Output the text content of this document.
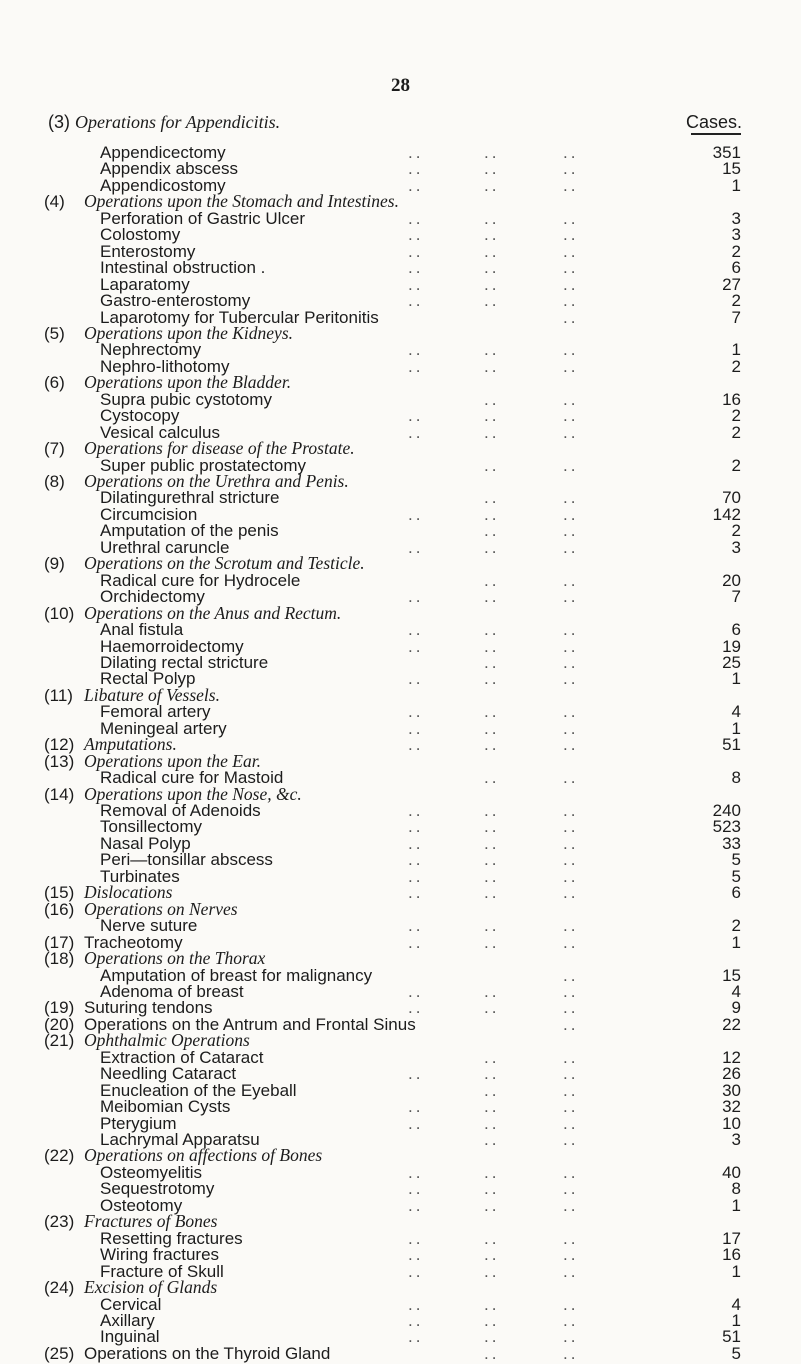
28
(3) Operations for Appendicitis.	Cases.
Appendicectomy	..	..	..	351
Appendix abscess	..	..	..	15
Appendicostomy	..	..	..	1
(4) Operations upon the Stomach and Intestines.
Perforation of Gastric Ulcer	..	..	..	3
Colostomy	..	..	..	3
Enterostomy	..	..	..	2
Intestinal obstruction .	..	..	..	6
Laparatomy	..	..	..	27
Gastro-enterostomy	..	..	..	2
Laparotomy for Tubercular Peritonitis	..	7
(5) Operations upon the Kidneys.
Nephrectomy	..	..	..	1
Nephro-lithotomy	..	..	..	2
(6) Operations upon the Bladder.
Supra pubic cystotomy	..	..	16
Cystocopy	..	..	..	2
Vesical calculus	..	..	..	2
(7) Operations for disease of the Prostate.
Super public prostatectomy	..	..	2
(8) Operations on the Urethra and Penis.
Dilatingurethral stricture	..	..	70
Circumcision	..	..	..	142
Amputation of the penis	..	..	2
Urethral caruncle	..	..	..	3
(9) Operations on the Scrotum and Testicle.
Radical cure for Hydrocele	..	..	20
Orchidectomy	..	..	..	7
(10) Operations on the Anus and Rectum.
Anal fistula	..	..	..	6
Haemorroidectomy	..	..	..	19
Dilating rectal stricture	..	..	25
Rectal Polyp	..	..	..	1
(11) Libature of Vessels.
Femoral artery	..	..	..	4
Meningeal artery	..	..	..	1
(12) Amputations.	..	..	..	51
(13) Operations upon the Ear.
Radical cure for Mastoid	..	..	8
(14) Operations upon the Nose, &c.
Removal of Adenoids	..	..	..	240
Tonsillectomy	..	..	..	523
Nasal Polyp	..	..	..	33
Peri—tonsillar abscess	..	..	..	5
Turbinates	..	..	..	5
(15) Dislocations	..	..	..	6
(16) Operations on Nerves
Nerve suture	..	..	..	2
(17) Tracheotomy	..	..	..	1
(18) Operations on the Thorax
Amputation of breast for malignancy	..	15
Adenoma of breast	..	..	..	4
(19) Suturing tendons	..	..	..	9
(20) Operations on the Antrum and Frontal Sinus	..	22
(21) Ophthalmic Operations
Extraction of Cataract	..	..	12
Needling Cataract	..	..	..	26
Enucleation of the Eyeball	..	..	30
Meibomian Cysts	..	..	..	32
Pterygium	..	..	..	10
Lachrymal Apparatsu	..	..	3
(22) Operations on affections of Bones
Osteomyelitis	..	..	..	40
Sequestrotomy	..	..	..	8
Osteotomy	..	..	..	1
(23) Fractures of Bones
Resetting fractures	..	..	..	17
Wiring fractures	..	..	..	16
Fracture of Skull	..	..	..	1
(24) Excision of Glands
Cervical	..	..	..	4
Axillary	..	..	..	1
Inguinal	..	..	..	51
(25) Operations on the Thyroid Gland	..	..	5
